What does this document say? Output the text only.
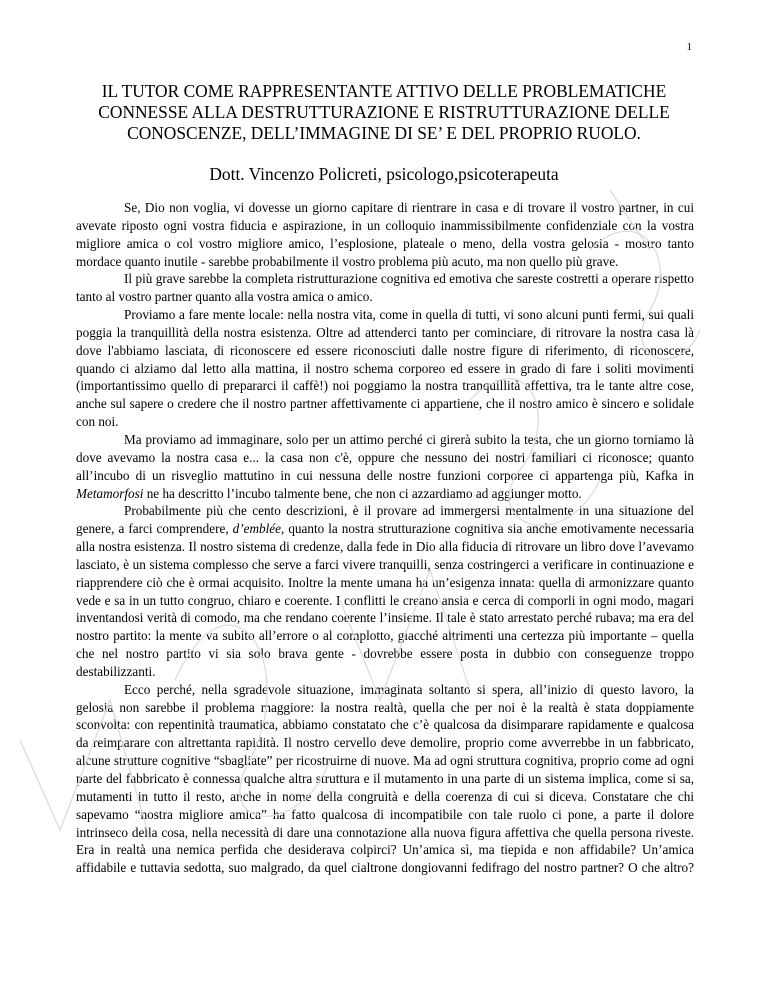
1
IL TUTOR COME RAPPRESENTANTE ATTIVO DELLE PROBLEMATICHE
CONNESSE ALLA DESTRUTTURAZIONE E RISTRUTTURAZIONE DELLE
CONOSCENZE, DELL’IMMAGINE DI SE’ E DEL PROPRIO RUOLO.
Dott. Vincenzo Policreti, psicologo,psicoterapeuta

Se, Dio non voglia, vi dovesse un giorno capitare di rientrare in casa e di trovare il vostro partner, in cui avevate riposto ogni vostra fiducia e aspirazione, in un colloquio inammissibilmente confidenziale con la vostra migliore amica o col vostro migliore amico, l’esplosione, plateale o meno, della vostra gelosia - mostro tanto mordace quanto inutile - sarebbe probabilmente il vostro problema più acuto, ma non quello più grave.

Il più grave sarebbe la completa ristrutturazione cognitiva ed emotiva che sareste costretti a operare rispetto tanto al vostro partner quanto alla vostra amica o amico.

Proviamo a fare mente locale: nella nostra vita, come in quella di tutti, vi sono alcuni punti fermi, sui quali poggia la tranquillità della nostra esistenza. Oltre ad attenderci tanto per cominciare, di ritrovare la nostra casa là dove l'abbiamo lasciata, di riconoscere ed essere riconosciuti dalle nostre figure di riferimento, di riconoscere, quando ci alziamo dal letto alla mattina, il nostro schema corporeo ed essere in grado di fare i soliti movimenti (importantissimo quello di prepararci il caffè!) noi poggiamo la nostra tranquillità affettiva, tra le tante altre cose, anche sul sapere o credere che il nostro partner affettivamente ci appartiene, che il nostro amico è sincero e solidale con noi.

Ma proviamo ad immaginare, solo per un attimo perché ci girerà subito la testa, che un giorno torniamo là dove avevamo la nostra casa e... la casa non c'è, oppure che nessuno dei nostri familiari ci riconosce; quanto all’incubo di un risveglio mattutino in cui nessuna delle nostre funzioni corporee ci appartenga più, Kafka in Metamorfosi ne ha descritto l’incubo talmente bene, che non ci azzardiamo ad aggiunger motto.

Probabilmente più che cento descrizioni, è il provare ad immergersi mentalmente in una situazione del genere, a farci comprendere, d’emblée, quanto la nostra strutturazione cognitiva sia anche emotivamente necessaria alla nostra esistenza. Il nostro sistema di credenze, dalla fede in Dio alla fiducia di ritrovare un libro dove l’avevamo lasciato, è un sistema complesso che serve a farci vivere tranquilli, senza costringerci a verificare in continuazione e riapprendere ciò che è ormai acquisito. Inoltre la mente umana ha un’esigenza innata: quella di armonizzare quanto vede e sa in un tutto congruo, chiaro e coerente. I conflitti le creano ansia e cerca di comporli in ogni modo, magari inventandosi verità di comodo, ma che rendano coerente l’insieme. Il tale è stato arrestato perché rubava; ma era del nostro partito: la mente va subito all’errore o al complotto, giacché altrimenti una certezza più importante – quella che nel nostro partito vi sia solo brava gente - dovrebbe essere posta in dubbio con conseguenze troppo destabilizzanti.

Ecco perché, nella sgradevole situazione, immaginata soltanto si spera, all’inizio di questo lavoro, la gelosia non sarebbe il problema maggiore: la nostra realtà, quella che per noi è la realtà è stata doppiamente sconvolta: con repentinità traumatica, abbiamo constatato che c’è qualcosa da disimparare rapidamente e qualcosa da reimparare con altrettanta rapidità. Il nostro cervello deve demolire, proprio come avverrebbe in un fabbricato, alcune strutture cognitive “sbagliate” per ricostruirne di nuove. Ma ad ogni struttura cognitiva, proprio come ad ogni parte del fabbricato è connessa qualche altra struttura e il mutamento in una parte di un sistema implica, come si sa, mutamenti in tutto il resto, anche in nome della congruità e della coerenza di cui si diceva. Constatare che chi sapevamo “nostra migliore amica” ha fatto qualcosa di incompatibile con tale ruolo ci pone, a parte il dolore intrinseco della cosa, nella necessità di dare una connotazione alla nuova figura affettiva che quella persona riveste. Era in realtà una nemica perfida che desiderava colpirci? Un’amica sì, ma tiepida e non affidabile? Un’amica affidabile e tuttavia sedotta, suo malgrado, da quel cialtrone dongiovanni fedifrago del nostro partner? O che altro?
